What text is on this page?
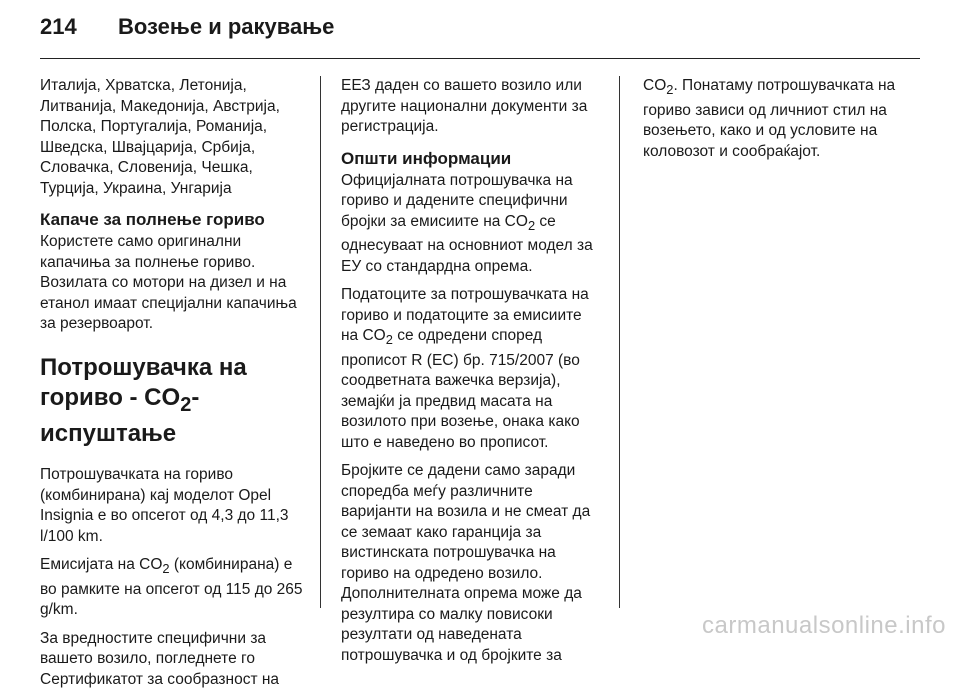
214	Возење и ракување

Италија, Хрватска, Летонија, Литванија, Македонија, Австрија, Полска, Португалија, Романија, Шведска, Швајцарија, Србија, Словачка, Словенија, Чешка, Турција, Украина, Унгарија

Капаче за полнење гориво

Користете само оригинални капачиња за полнење гориво. Возилата со мотори на дизел и на етанол имаат специјални капачиња за резервоарот.

Потрошувачка на
гориво - $CO_2$-испуштање

Потрошувачката на гориво (комбинирана) кај моделот Opel Insignia е во опсегот од 4,3 до 11,3 l/100 km.

Емисијата на $CO_2$ (комбинирана) е во рамките на опсегот од 115 до 265 g/km.

За вредностите специфични за вашето возило, погледнете го Сертификатот за сообразност на

ЕЕЗ даден со вашето возило или другите национални документи за регистрација.

Општи информации

Официјалната потрошувачка на гориво и дадените специфични бројки за емисиите на $CO_2$ се однесуваат на основниот модел за ЕУ со стандардна опрема.

Податоците за потрошувачката на гориво и податоците за емисиите на $CO_2$ се одредени според прописот R (EC) бр. 715/2007 (во соодветната важечка верзија), земајќи ја предвид масата на возилото при возење, онака како што е наведено во прописот.

Бројките се дадени само заради споредба меѓу различните варијанти на возила и не смеат да се земаат како гаранција за вистинската потрошувачка на гориво на одредено возило. Дополнителната опрема може да резултира со малку повисоки резултати од наведената потрошувачка и од бројките за

$CO_2$. Понатаму потрошувачката на гориво зависи од личниот стил на возењето, како и од условите на коловозот и сообраќајот.

carmanualsonline.info
